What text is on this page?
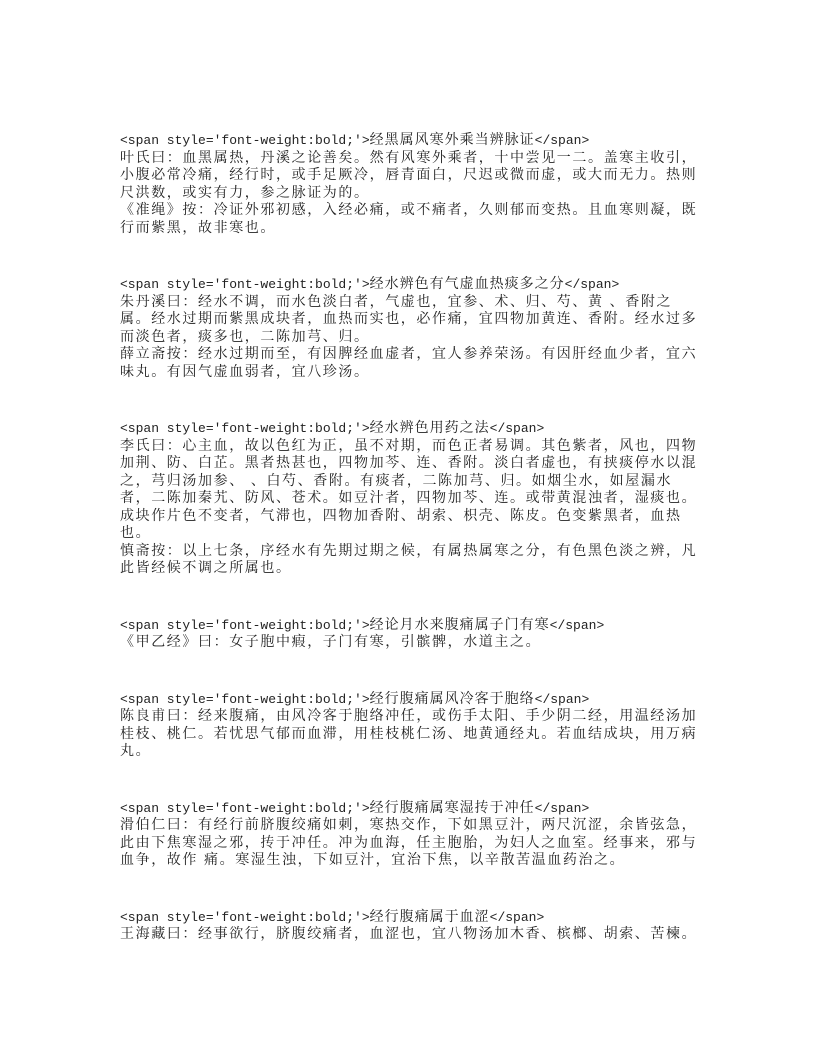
<span style='font-weight:bold;'>经黑属风寒外乘当辨脉证</span>

叶氏曰：血黑属热，丹溪之论善矣。然有风寒外乘者，十中尝见一二。盖寒主收引，小腹必常冷痛，经行时，或手足厥冷，唇青面白，尺迟或微而虚，或大而无力。热则尺洪数，或实有力，参之脉证为的。

《准绳》按：冷证外邪初感，入经必痛，或不痛者，久则郁而变热。且血寒则凝，既行而紫黑，故非寒也。

<span style='font-weight:bold;'>经水辨色有气虚血热痰多之分</span>

朱丹溪曰：经水不调，而水色淡白者，气虚也，宜参、术、归、芍、黄 、香附之属。经水过期而紫黑成块者，血热而实也，必作痛，宜四物加黄连、香附。经水过多而淡色者，痰多也，二陈加芎、归。

薛立斋按：经水过期而至，有因脾经血虚者，宜人参养荣汤。有因肝经血少者，宜六味丸。有因气虚血弱者，宜八珍汤。

<span style='font-weight:bold;'>经水辨色用药之法</span>

李氏曰：心主血，故以色红为正，虽不对期，而色正者易调。其色紫者，风也，四物加荆、防、白芷。黑者热甚也，四物加芩、连、香附。淡白者虚也，有挟痰停水以混之，芎归汤加参、 、白芍、香附。有痰者，二陈加芎、归。如烟尘水，如屋漏水者，二陈加秦艽、防风、苍术。如豆汁者，四物加芩、连。或带黄混浊者，湿痰也。成块作片色不变者，气滞也，四物加香附、胡索、枳壳、陈皮。色变紫黑者，血热也。

慎斋按：以上七条，序经水有先期过期之候，有属热属寒之分，有色黑色淡之辨，凡此皆经候不调之所属也。

<span style='font-weight:bold;'>经论月水来腹痛属子门有寒</span>

《甲乙经》曰：女子胞中瘕，子门有寒，引髌髀，水道主之。

<span style='font-weight:bold;'>经行腹痛属风冷客于胞络</span>

陈良甫曰：经来腹痛，由风冷客于胞络冲任，或伤手太阳、手少阴二经，用温经汤加桂枝、桃仁。若忧思气郁而血滞，用桂枝桃仁汤、地黄通经丸。若血结成块，用万病丸。

<span style='font-weight:bold;'>经行腹痛属寒湿抟于冲任</span>

滑伯仁曰：有经行前脐腹绞痛如刺，寒热交作，下如黑豆汁，两尺沉涩，余皆弦急，此由下焦寒湿之邪，抟于冲任。冲为血海，任主胞胎，为妇人之血室。经事来，邪与血争，故作 痛。寒湿生浊，下如豆汁，宜治下焦，以辛散苦温血药治之。

<span style='font-weight:bold;'>经行腹痛属于血涩</span>

王海藏曰：经事欲行，脐腹绞痛者，血涩也，宜八物汤加木香、槟榔、胡索、苦楝。
